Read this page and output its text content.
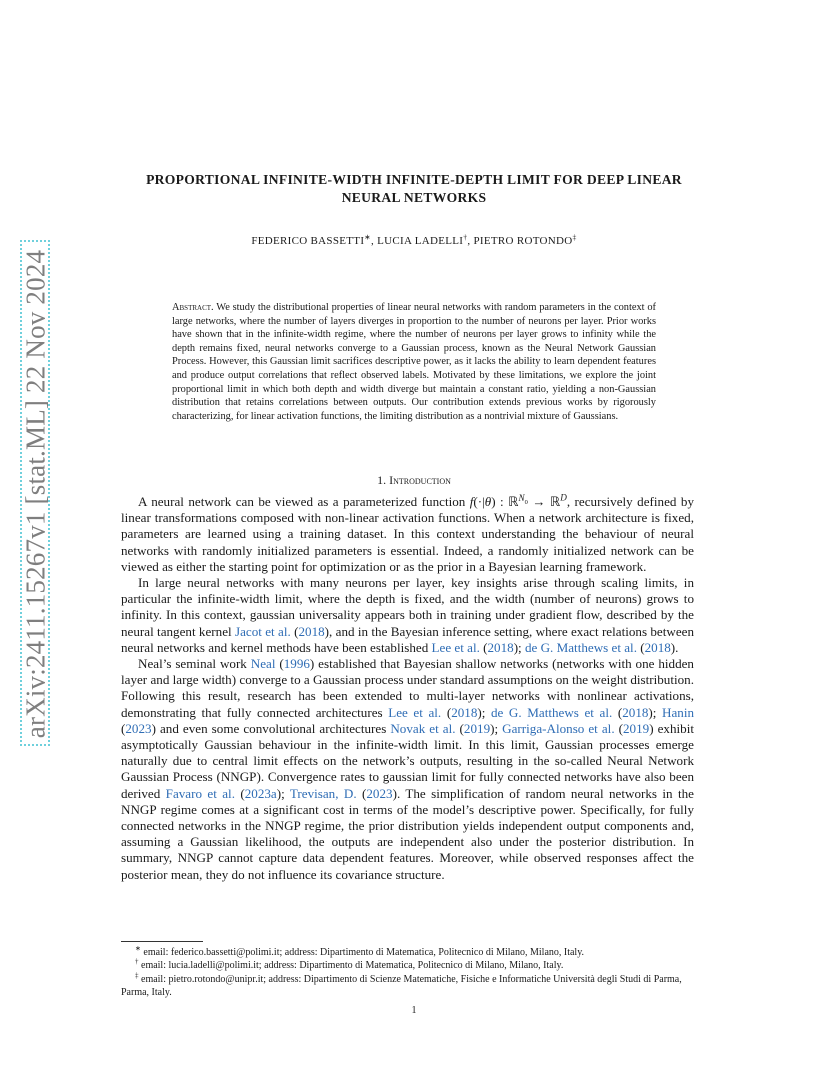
arXiv:2411.15267v1 [stat.ML] 22 Nov 2024
PROPORTIONAL INFINITE-WIDTH INFINITE-DEPTH LIMIT FOR DEEP LINEAR NEURAL NETWORKS
FEDERICO BASSETTI∗, LUCIA LADELLI†, PIETRO ROTONDO‡
Abstract. We study the distributional properties of linear neural networks with random parameters in the context of large networks, where the number of layers diverges in proportion to the number of neurons per layer. Prior works have shown that in the infinite-width regime, where the number of neurons per layer grows to infinity while the depth remains fixed, neural networks converge to a Gaussian process, known as the Neural Network Gaussian Process. However, this Gaussian limit sacrifices descriptive power, as it lacks the ability to learn dependent features and produce output correlations that reflect observed labels. Motivated by these limitations, we explore the joint proportional limit in which both depth and width diverge but maintain a constant ratio, yielding a non-Gaussian distribution that retains correlations between outputs. Our contribution extends previous works by rigorously characterizing, for linear activation functions, the limiting distribution as a nontrivial mixture of Gaussians.
1. Introduction

A neural network can be viewed as a parameterized function f(·|θ) : ℝ$^{N_0}$ → ℝ$^D$, recursively defined by linear transformations composed with non-linear activation functions. When a network architecture is fixed, parameters are learned using a training dataset. In this context understanding the behaviour of neural networks with randomly initialized parameters is essential. Indeed, a randomly initialized network can be viewed as either the starting point for optimization or as the prior in a Bayesian learning framework.

In large neural networks with many neurons per layer, key insights arise through scaling limits, in particular the infinite-width limit, where the depth is fixed, and the width (number of neurons) grows to infinity. In this context, gaussian universality appears both in training under gradient flow, described by the neural tangent kernel Jacot et al. (2018), and in the Bayesian inference setting, where exact relations between neural networks and kernel methods have been established Lee et al. (2018); de G. Matthews et al. (2018).

Neal’s seminal work Neal (1996) established that Bayesian shallow networks (networks with one hidden layer and large width) converge to a Gaussian process under standard assumptions on the weight distribution. Following this result, research has been extended to multi-layer networks with nonlinear activations, demonstrating that fully connected architectures Lee et al. (2018); de G. Matthews et al. (2018); Hanin (2023) and even some convolutional architectures Novak et al. (2019); Garriga-Alonso et al. (2019) exhibit asymptotically Gaussian behaviour in the infinite-width limit. In this limit, Gaussian processes emerge naturally due to central limit effects on the network’s outputs, resulting in the so-called Neural Network Gaussian Process (NNGP). Convergence rates to gaussian limit for fully connected networks have also been derived Favaro et al. (2023a); Trevisan, D. (2023). The simplification of random neural networks in the NNGP regime comes at a significant cost in terms of the model’s descriptive power. Specifically, for fully connected networks in the NNGP regime, the prior distribution yields independent output components and, assuming a Gaussian likelihood, the outputs are independent also under the posterior distribution. In summary, NNGP cannot capture data dependent features. Moreover, while observed responses affect the posterior mean, they do not influence its covariance structure.

∗ email: federico.bassetti@polimi.it; address: Dipartimento di Matematica, Politecnico di Milano, Milano, Italy.

† email: lucia.ladelli@polimi.it; address: Dipartimento di Matematica, Politecnico di Milano, Milano, Italy.

‡ email: pietro.rotondo@unipr.it; address: Dipartimento di Scienze Matematiche, Fisiche e Informatiche Università degli Studi di Parma, Parma, Italy.

1
